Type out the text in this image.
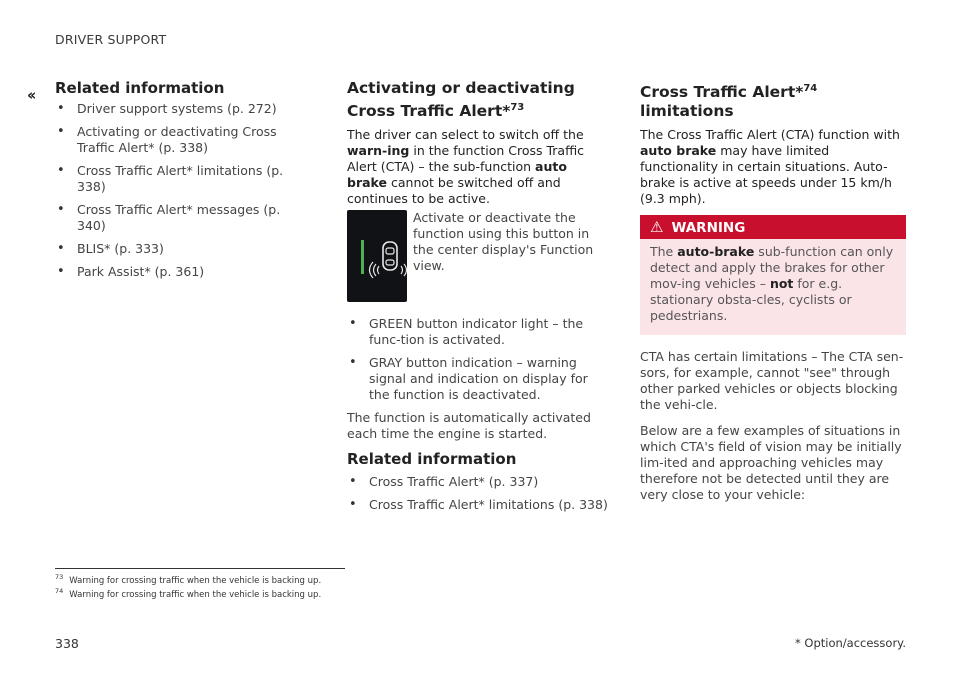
DRIVER SUPPORT
‹‹ Related information
• Driver support systems (p. 272)
• Activating or deactivating Cross Traffic Alert* (p. 338)
• Cross Traffic Alert* limitations (p. 338)
• Cross Traffic Alert* messages (p. 340)
• BLIS* (p. 333)
• Park Assist* (p. 361)
Activating or deactivating Cross Traffic Alert*$^{73}$

The driver can select to switch off the warn-ing in the function Cross Traffic Alert (CTA) – the sub-function auto brake cannot be switched off and continues to be active.

Activate or deactivate the function using this button in the center display's Function view.
• GREEN button indicator light – the func-tion is activated.
• GRAY button indication – warning signal and indication on display for the function is deactivated.

The function is automatically activated each time the engine is started.

Related information
• Cross Traffic Alert* (p. 337)
• Cross Traffic Alert* limitations (p. 338)
Cross Traffic Alert*$^{74}$ limitations

The Cross Traffic Alert (CTA) function with auto brake may have limited functionality in certain situations. Auto-brake is active at speeds under 15 km/h (9.3 mph).

⚠ WARNING
The auto-brake sub-function can only detect and apply the brakes for other mov-ing vehicles – not for e.g. stationary obsta-cles, cyclists or pedestrians.

CTA has certain limitations – The CTA sen-sors, for example, cannot "see" through other parked vehicles or objects blocking the vehi-cle.

Below are a few examples of situations in which CTA's field of vision may be initially lim-ited and approaching vehicles may therefore not be detected until they are very close to your vehicle:

$^{73}$ Warning for crossing traffic when the vehicle is backing up.
$^{74}$ Warning for crossing traffic when the vehicle is backing up.
338	* Option/accessory.
